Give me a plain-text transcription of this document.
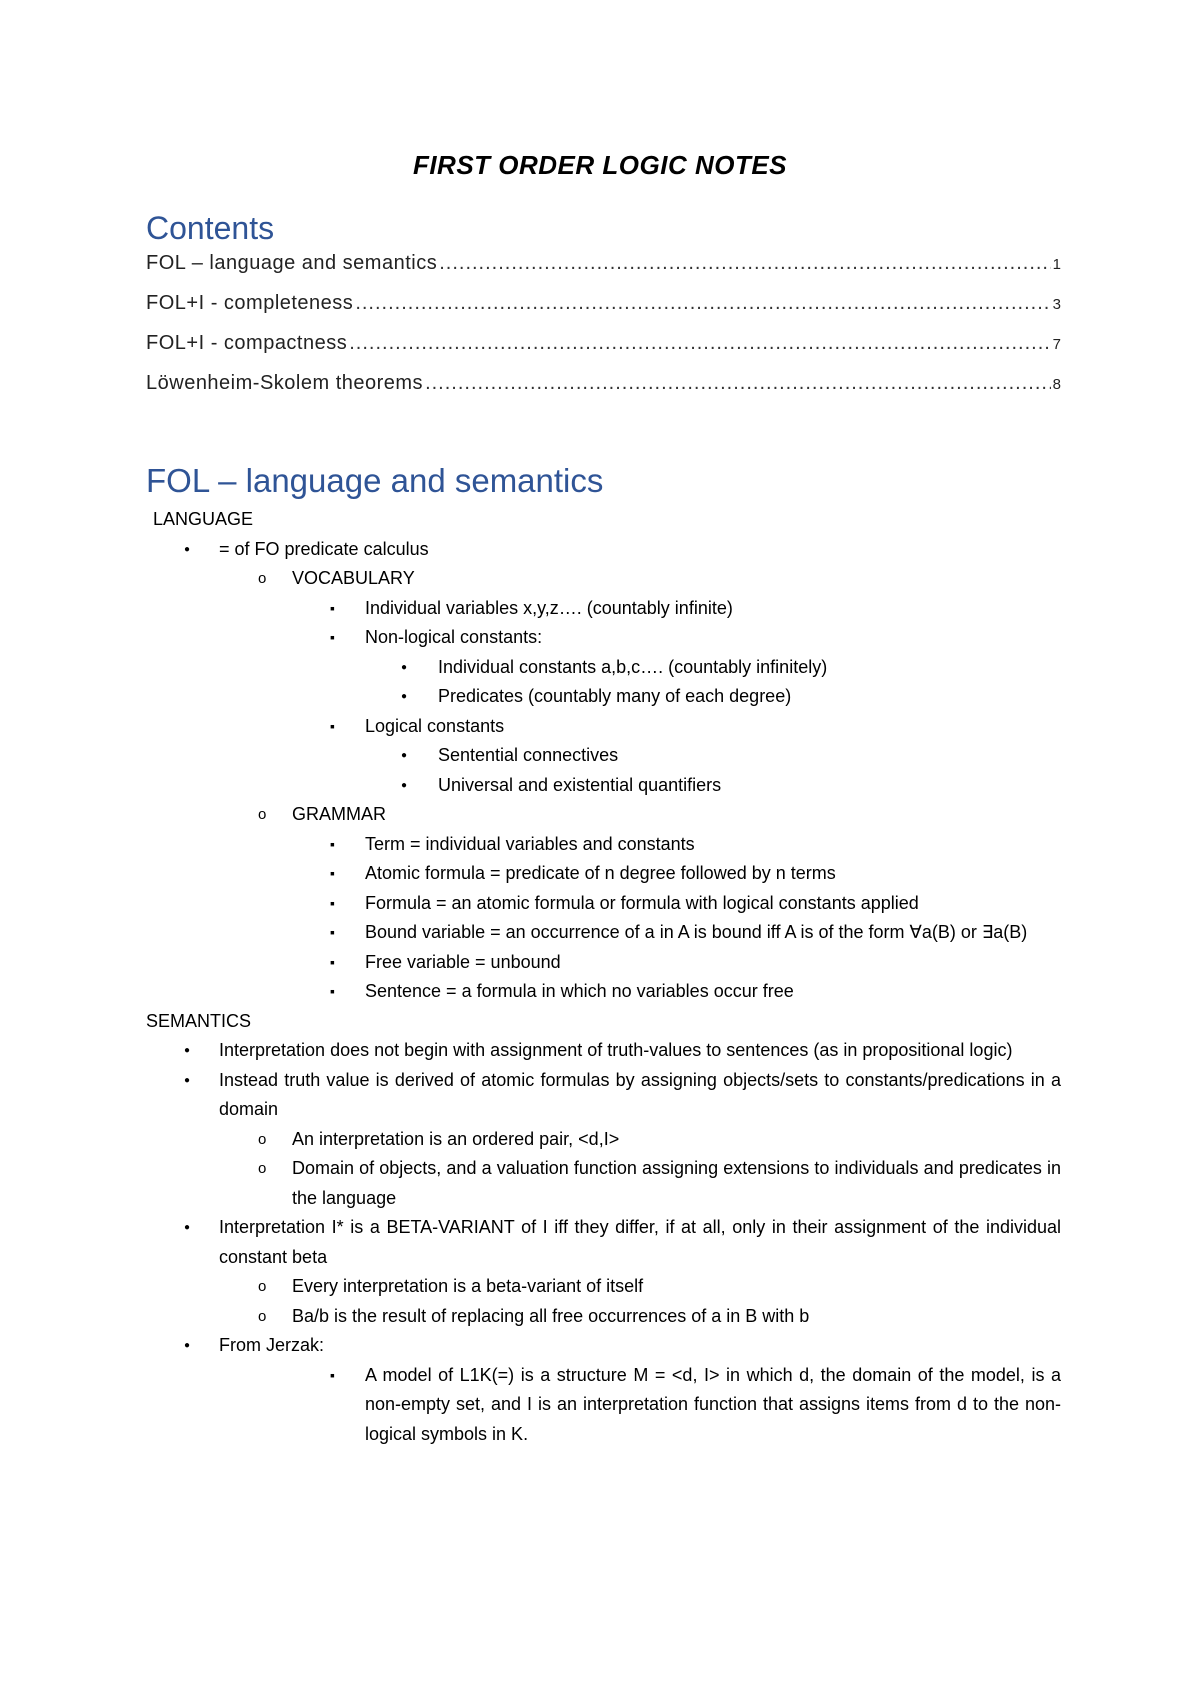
FIRST ORDER LOGIC NOTES
Contents
FOL – language and semantics .....	1
FOL+I - completeness .....	3
FOL+I - compactness .....	7
Löwenheim-Skolem theorems .....	8
FOL – language and semantics
LANGUAGE
●
= of FO predicate calculus
o
VOCABULARY
▪
Individual variables x,y,z…. (countably infinite)
▪
Non-logical constants:
●
Individual constants a,b,c…. (countably infinitely)
●
Predicates (countably many of each degree)
▪
Logical constants
●
Sentential connectives
●
Universal and existential quantifiers
o
GRAMMAR
▪
Term = individual variables and constants
▪
Atomic formula = predicate of n degree followed by n terms
▪
Formula = an atomic formula or formula with logical constants applied
▪
Bound variable = an occurrence of a in A is bound iff A is of the form ∀a(B) or ∃a(B)
▪
Free variable = unbound
▪
Sentence = a formula in which no variables occur free
SEMANTICS
●
Interpretation does not begin with assignment of truth-values to sentences (as in propositional logic)
●
Instead truth value is derived of atomic formulas by assigning objects/sets to constants/predications in a domain
o
An interpretation is an ordered pair, <d,I>
o
Domain of objects, and a valuation function assigning extensions to individuals and predicates in the language
●
Interpretation I* is a BETA-VARIANT of I iff they differ, if at all, only in their assignment of the individual constant beta
o
Every interpretation is a beta-variant of itself
o
Ba/b is the result of replacing all free occurrences of a in B with b
●
From Jerzak:
▪
A model of L1K(=) is a structure M = <d, I> in which d, the domain of the model, is a non-empty set, and I is an interpretation function that assigns items from d to the non-logical symbols in K.
